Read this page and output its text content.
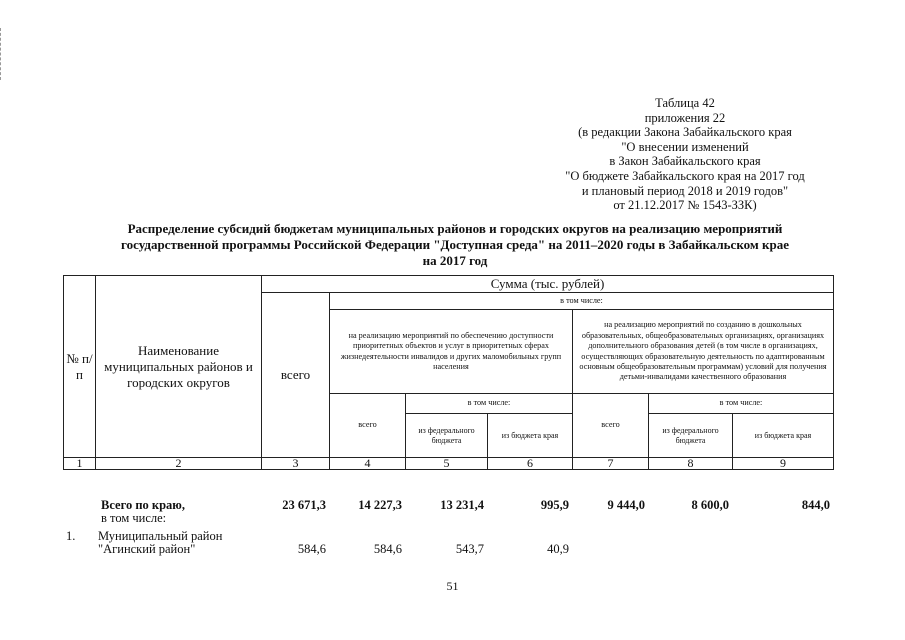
Таблица 42
приложения 22
(в редакции Закона Забайкальского края
"О внесении изменений
в Закон Забайкальского края
"О бюджете Забайкальского края на 2017 год
и плановый период 2018 и 2019 годов"
от 21.12.2017 № 1543-ЗЗК)
Распределение субсидий бюджетам муниципальных районов и городских округов на реализацию мероприятий
государственной программы Российской Федерации "Доступная среда" на 2011–2020 годы в Забайкальском крае
на 2017 год
№ п/п	Наименование муниципальных районов и городских округов	Сумма (тыс. рублей)						
		всего	в том числе:					
			на реализацию мероприятий по обеспечению доступности приоритетных объектов и услуг в приоритетных сферах жизнедеятельности инвалидов и других маломобильных групп населения			на реализацию мероприятий по созданию в дошкольных образовательных, общеобразовательных организациях, организациях дополнительного образования детей (в том числе в организациях, осуществляющих образовательную деятельность по адаптированным основным общеобразовательным программам) условий для получения детьми-инвалидами качественного образования		
			всего	в том числе:		всего	в том числе:	
				из федерального бюджета	из бюджета края		из федерального бюджета	из бюджета края
1	2	3	4	5	6	7	8	9
	Всего по краю,	23 671,3	14 227,3	13 231,4	995,9	9 444,0	8 600,0	844,0
	в том числе:							
1.	Муниципальный район							
	"Агинский район"	584,6	584,6	543,7	40,9			
51
